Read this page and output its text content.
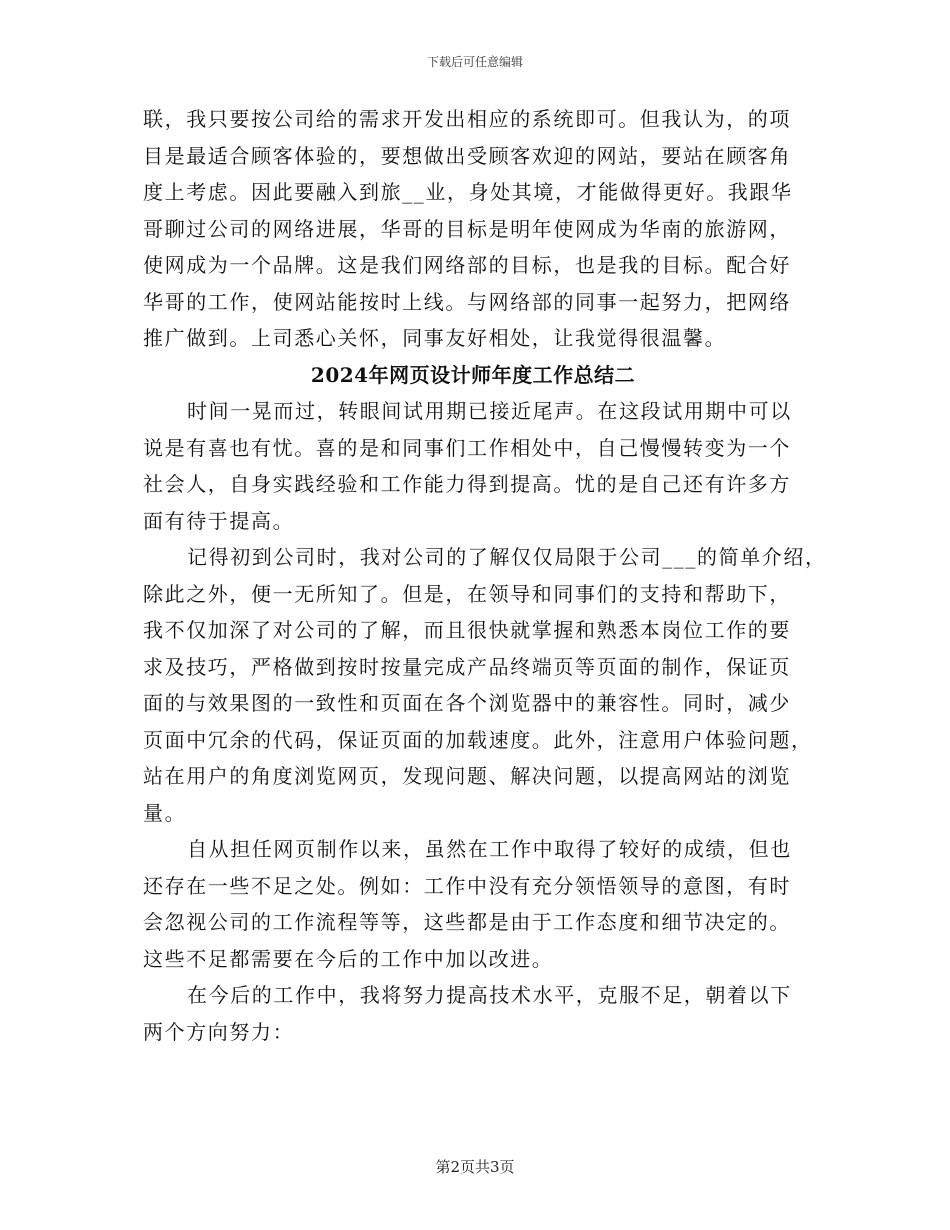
下载后可任意编辑
联，我只要按公司给的需求开发出相应的系统即可。但我认为，的项
目是最适合顾客体验的，要想做出受顾客欢迎的网站，要站在顾客角
度上考虑。因此要融入到旅__业，身处其境，才能做得更好。我跟华
哥聊过公司的网络进展，华哥的目标是明年使网成为华南的旅游网，
使网成为一个品牌。这是我们网络部的目标，也是我的目标。配合好
华哥的工作，使网站能按时上线。与网络部的同事一起努力，把网络
推广做到。上司悉心关怀，同事友好相处，让我觉得很温馨。
2024年网页设计师年度工作总结二
时间一晃而过，转眼间试用期已接近尾声。在这段试用期中可以
说是有喜也有忧。喜的是和同事们工作相处中，自己慢慢转变为一个
社会人，自身实践经验和工作能力得到提高。忧的是自己还有许多方
面有待于提高。
记得初到公司时，我对公司的了解仅仅局限于公司___的简单介绍，
除此之外，便一无所知了。但是，在领导和同事们的支持和帮助下，
我不仅加深了对公司的了解，而且很快就掌握和熟悉本岗位工作的要
求及技巧，严格做到按时按量完成产品终端页等页面的制作，保证页
面的与效果图的一致性和页面在各个浏览器中的兼容性。同时，减少
页面中冗余的代码，保证页面的加载速度。此外，注意用户体验问题，
站在用户的角度浏览网页，发现问题、解决问题，以提高网站的浏览
量。
自从担任网页制作以来，虽然在工作中取得了较好的成绩，但也
还存在一些不足之处。例如：工作中没有充分领悟领导的意图，有时
会忽视公司的工作流程等等，这些都是由于工作态度和细节决定的。
这些不足都需要在今后的工作中加以改进。
在今后的工作中，我将努力提高技术水平，克服不足，朝着以下
两个方向努力：
第2页共3页
